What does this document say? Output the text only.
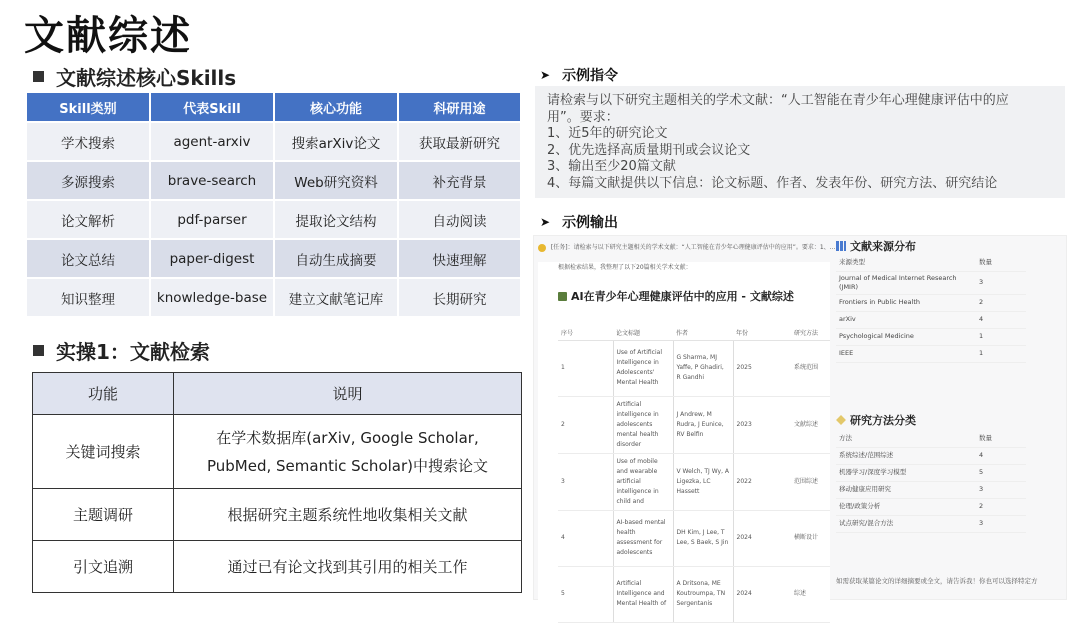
文献综述
文献综述核心Skills
Skill类别	代表Skill	核心功能	科研用途
学术搜索	agent-arxiv	搜索arXiv论文	获取最新研究
多源搜索	brave-search	Web研究资料	补充背景
论文解析	pdf-parser	提取论文结构	自动阅读
论文总结	paper-digest	自动生成摘要	快速理解
知识整理	knowledge-base	建立文献笔记库	长期研究
实操1：文献检索
功能	说明
关键词搜索	在学术数据库(arXiv, Google Scholar,
PubMed, Semantic Scholar)中搜索论文

主题调研	根据研究主题系统性地收集相关文献
引文追溯	通过已有论文找到其引用的相关工作
➤ 示例指令
请检索与以下研究主题相关的学术文献：“人工智能在青少年心理健康评估中的应
用”。要求：
1、近5年的研究论文
2、优先选择高质量期刊或会议论文
3、输出至少20篇文献
4、每篇文献提供以下信息：论文标题、作者、发表年份、研究方法、研究结论
➤ 示例输出
[任务]：请检索与以下研究主题相关的学术文献：“人工智能在青少年心理健康评估中的应用”。要求：1、...
根据检索结果，我整理了以下20篇相关学术文献：
AI在青少年心理健康评估中的应用 - 文献综述
序号	论文标题	作者	年份	研究方法
1	Use of Artificial Intelligence in Adolescents' Mental Health	G Sharma, MJ Yaffe, P Ghadiri, R Gandhi	2025	系统范围
2	Artificial intelligence in adolescents mental health disorder	J Andrew, M Rudra, J Eunice, RV Belfin	2023	文献综述
3	Use of mobile and wearable artificial intelligence in child and	V Welch, TJ Wy, A Ligezka, LC Hassett	2022	范围综述
4	AI-based mental health assessment for adolescents	DH Kim, J Lee, T Lee, S Baek, S Jin	2024	横断设计
5	Artificial Intelligence and Mental Health of	A Dritsona, ME Koutroumpa, TN Sergentanis	2024	综述
文献来源分布
来源类型	数量
Journal of Medical Internet Research (JMIR)	3
Frontiers in Public Health	2
arXiv	4
Psychological Medicine	1
IEEE	1
研究方法分类
方法	数量
系统综述/范围综述	4
机器学习/深度学习模型	5
移动健康应用研究	3
伦理/政策分析	2
试点研究/混合方法	3
如需获取某篇论文的详细摘要或全文，请告诉我！你也可以选择特定方
